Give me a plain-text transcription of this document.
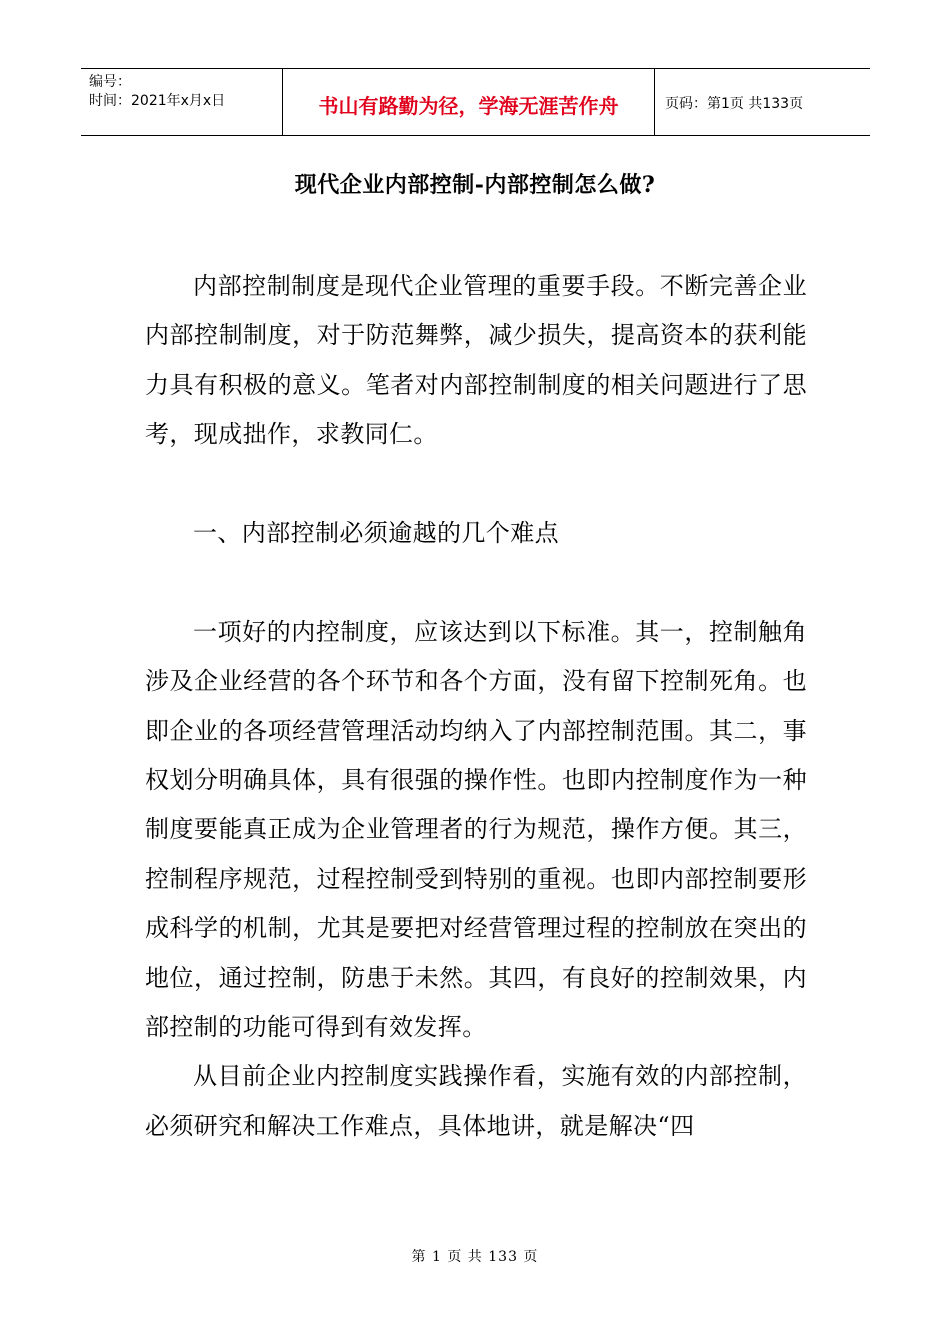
编号：
时间：2021年x月x日	书山有路勤为径，学海无涯苦作舟	页码：第1页 共133页
现代企业内部控制-内部控制怎么做?

内部控制制度是现代企业管理的重要手段。不断完善企业内部控制制度，对于防范舞弊，减少损失，提高资本的获利能力具有积极的意义。笔者对内部控制制度的相关问题进行了思考，现成拙作，求教同仁。

一、内部控制必须逾越的几个难点

一项好的内控制度，应该达到以下标准。其一，控制触角涉及企业经营的各个环节和各个方面，没有留下控制死角。也即企业的各项经营管理活动均纳入了内部控制范围。其二，事权划分明确具体，具有很强的操作性。也即内控制度作为一种制度要能真正成为企业管理者的行为规范，操作方便。其三，控制程序规范，过程控制受到特别的重视。也即内部控制要形成科学的机制，尤其是要把对经营管理过程的控制放在突出的地位，通过控制，防患于未然。其四，有良好的控制效果，内部控制的功能可得到有效发挥。

从目前企业内控制度实践操作看，实施有效的内部控制，必须研究和解决工作难点，具体地讲，就是解决“四

第 1 页 共 133 页
